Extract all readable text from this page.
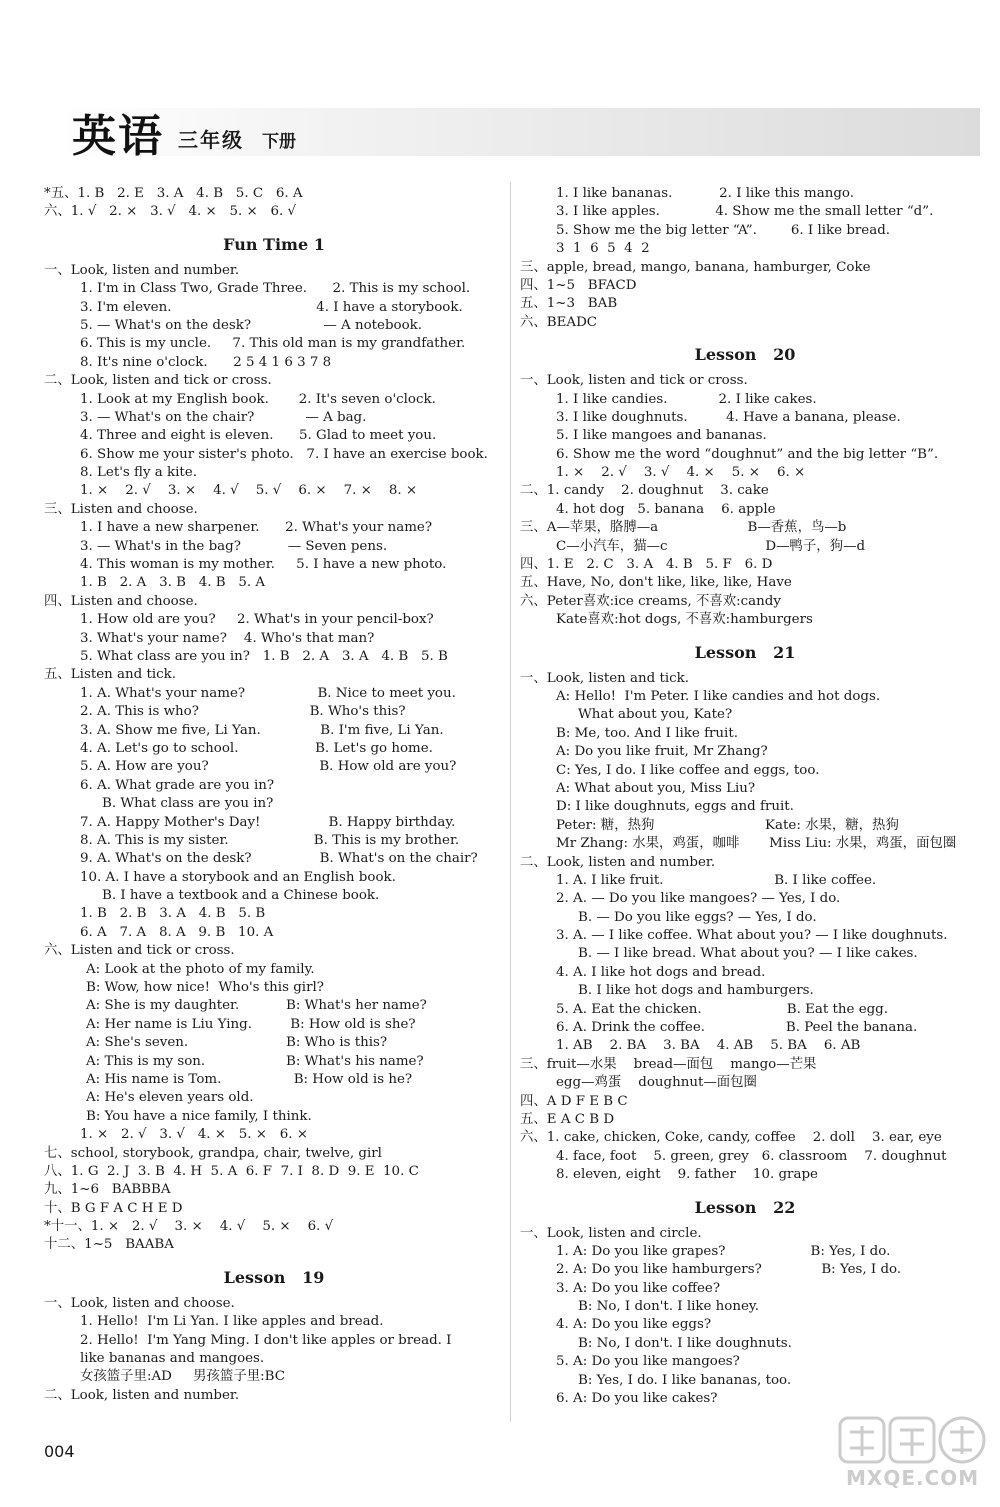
英语 三年级 下册
*五、1. B   2. E   3. A   4. B   5. C   6. A
六、1. √   2. ×   3. √   4. ×   5. ×   6. √
Fun Time 1
一、Look, listen and number.
1. I'm in Class Two, Grade Three.      2. This is my school.
3. I'm eleven.                                  4. I have a storybook.
5. — What's on the desk?                 — A notebook.
6. This is my uncle.     7. This old man is my grandfather.
8. It's nine o'clock.      2 5 4 1 6 3 7 8
二、Look, listen and tick or cross.
1. Look at my English book.       2. It's seven o'clock.
3. — What's on the chair?            — A bag.
4. Three and eight is eleven.      5. Glad to meet you.
6. Show me your sister's photo.   7. I have an exercise book.
8. Let's fly a kite.
1. ×    2. √    3. ×    4. √    5. √    6. ×    7. ×    8. ×
三、Listen and choose.
1. I have a new sharpener.      2. What's your name?
3. — What's in the bag?           — Seven pens.
4. This woman is my mother.     5. I have a new photo.
1. B   2. A   3. B   4. B   5. A
四、Listen and choose.
1. How old are you?     2. What's in your pencil-box?
3. What's your name?    4. Who's that man?
5. What class are you in?   1. B   2. A   3. A   4. B   5. B
五、Listen and tick.
1. A. What's your name?                 B. Nice to meet you.
2. A. This is who?                          B. Who's this?
3. A. Show me five, Li Yan.              B. I'm five, Li Yan.
4. A. Let's go to school.                  B. Let's go home.
5. A. How are you?                          B. How old are you?
6. A. What grade are you in?
B. What class are you in?
7. A. Happy Mother's Day!                B. Happy birthday.
8. A. This is my sister.                    B. This is my brother.
9. A. What's on the desk?                B. What's on the chair?
10. A. I have a storybook and an English book.
B. I have a textbook and a Chinese book.
1. B   2. B   3. A   4. B   5. B
6. A   7. A   8. A   9. B   10. A
六、Listen and tick or cross.
A: Look at the photo of my family.
B: Wow, how nice!  Who's this girl?
A: She is my daughter.           B: What's her name?
A: Her name is Liu Ying.         B: How old is she?
A: She's seven.                       B: Who is this?
A: This is my son.                   B: What's his name?
A: His name is Tom.                 B: How old is he?
A: He's eleven years old.
B: You have a nice family, I think.
1. ×   2. √   3. √   4. ×   5. ×   6. ×
七、school, storybook, grandpa, chair, twelve, girl
八、1. G  2. J  3. B  4. H  5. A  6. F  7. I  8. D  9. E  10. C
九、1~6   BABBBA
十、B G F A C H E D
*十一、1. ×   2. √    3. ×    4. √    5. ×    6. √
十二、1~5   BAABA
Lesson   19
一、Look, listen and choose.
1. Hello!  I'm Li Yan. I like apples and bread.
2. Hello!  I'm Yang Ming. I don't like apples or bread. I
like bananas and mangoes.
女孩篮子里:AD     男孩篮子里:BC
二、Look, listen and number.
1. I like bananas.           2. I like this mango.
3. I like apples.             4. Show me the small letter “d”.
5. Show me the big letter “A”.        6. I like bread.
3  1  6  5  4  2
三、apple, bread, mango, banana, hamburger, Coke
四、1~5   BFACD
五、1~3   BAB
六、BEADC
Lesson   20
一、Look, listen and tick or cross.
1. I like candies.            2. I like cakes.
3. I like doughnuts.         4. Have a banana, please.
5. I like mangoes and bananas.
6. Show me the word “doughnut” and the big letter “B”.
1. ×    2. √    3. √    4. ×    5. ×    6. ×
二、1. candy    2. doughnut    3. cake
4. hot dog   5. banana    6. apple
三、A—苹果，胳膊—a                     B—香蕉，鸟—b
C—小汽车，猫—c                       D—鸭子，狗—d
四、1. E   2. C   3. A   4. B   5. F   6. D
五、Have, No, don't like, like, like, Have
六、Peter喜欢:ice creams, 不喜欢:candy
Kate喜欢:hot dogs, 不喜欢:hamburgers
Lesson   21
一、Look, listen and tick.
A: Hello!  I'm Peter. I like candies and hot dogs.
What about you, Kate?
B: Me, too. And I like fruit.
A: Do you like fruit, Mr Zhang?
C: Yes, I do. I like coffee and eggs, too.
A: What about you, Miss Liu?
D: I like doughnuts, eggs and fruit.
Peter: 糖，热狗                          Kate: 水果，糖，热狗
Mr Zhang: 水果，鸡蛋，咖啡       Miss Liu: 水果，鸡蛋，面包圈
二、Look, listen and number.
1. A. I like fruit.                          B. I like coffee.
2. A. — Do you like mangoes? — Yes, I do.
B. — Do you like eggs? — Yes, I do.
3. A. — I like coffee. What about you? — I like doughnuts.
B. — I like bread. What about you? — I like cakes.
4. A. I like hot dogs and bread.
B. I like hot dogs and hamburgers.
5. A. Eat the chicken.                    B. Eat the egg.
6. A. Drink the coffee.                   B. Peel the banana.
1. AB    2. BA    3. BA    4. AB    5. BA    6. AB
三、fruit—水果    bread—面包    mango—芒果
egg—鸡蛋    doughnut—面包圈
四、A D F E B C
五、E A C B D
六、1. cake, chicken, Coke, candy, coffee    2. doll    3. ear, eye
4. face, foot    5. green, grey   6. classroom    7. doughnut
8. eleven, eight    9. father    10. grape
Lesson   22
一、Look, listen and circle.
1. A: Do you like grapes?                    B: Yes, I do.
2. A: Do you like hamburgers?              B: Yes, I do.
3. A: Do you like coffee?
B: No, I don't. I like honey.
4. A: Do you like eggs?
B: No, I don't. I like doughnuts.
5. A: Do you like mangoes?
B: Yes, I do. I like bananas, too.
6. A: Do you like cakes?
004
MXQE.COM
